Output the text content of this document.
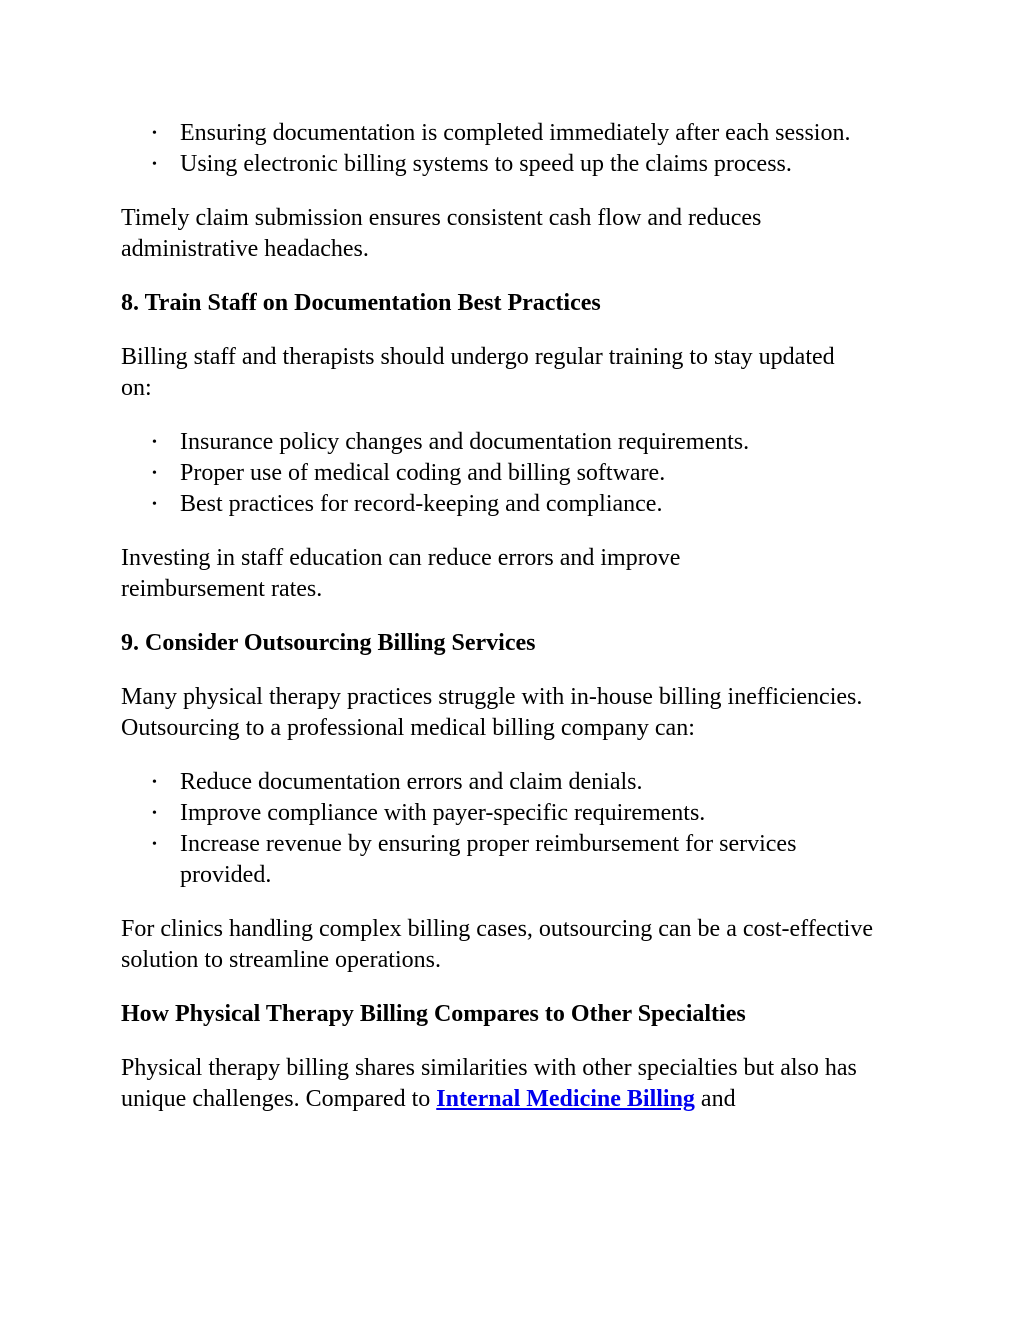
• Ensuring documentation is completed immediately after each session.
• Using electronic billing systems to speed up the claims process.

Timely claim submission ensures consistent cash flow and reduces administrative headaches.

8. Train Staff on Documentation Best Practices

Billing staff and therapists should undergo regular training to stay updated on:

• Insurance policy changes and documentation requirements.
• Proper use of medical coding and billing software.
• Best practices for record-keeping and compliance.

Investing in staff education can reduce errors and improve reimbursement rates.

9. Consider Outsourcing Billing Services

Many physical therapy practices struggle with in-house billing inefficiencies. Outsourcing to a professional medical billing company can:

• Reduce documentation errors and claim denials.
• Improve compliance with payer-specific requirements.
• Increase revenue by ensuring proper reimbursement for services provided.

For clinics handling complex billing cases, outsourcing can be a cost-effective solution to streamline operations.

How Physical Therapy Billing Compares to Other Specialties

Physical therapy billing shares similarities with other specialties but also has unique challenges. Compared to Internal Medicine Billing and
